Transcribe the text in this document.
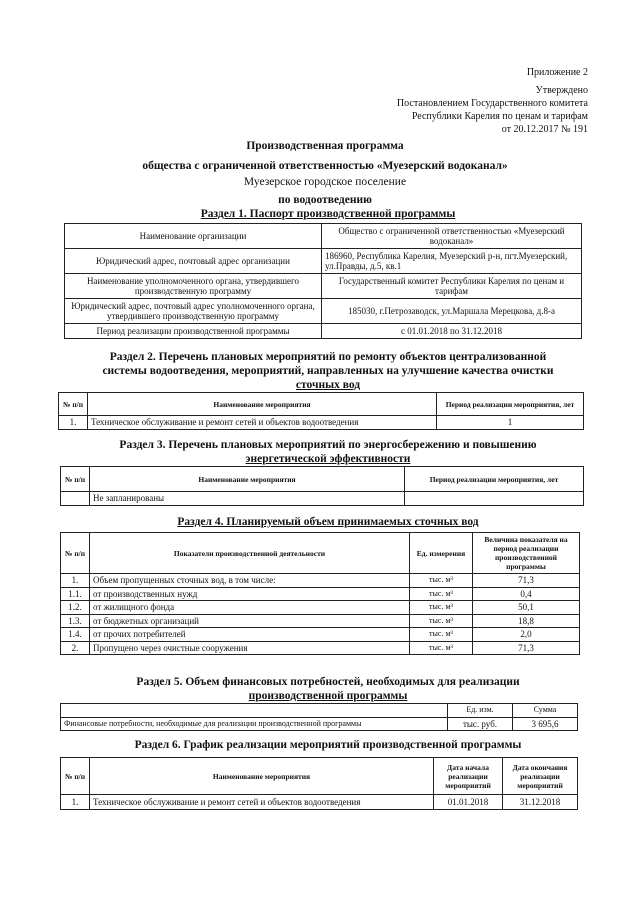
Приложение 2
Утверждено
Постановлением Государственного комитета
Республики Карелия по ценам и тарифам
от 20.12.2017 № 191
Производственная программа
общества с ограниченной ответственностью «Муезерский водоканал»
Муезерское городское поселение
по водоотведению
Раздел 1. Паспорт производственной программы
Наименование организации	Общество с ограниченной ответственностью «Муезерский водоканал»
Юридический адрес, почтовый адрес организации	186960, Республика Карелия, Муезерский р-н, пгт.Муезерский, ул.Правды, д.5, кв.1
Наименование уполномоченного органа, утвердившего производственную программу	Государственный комитет Республики Карелия по ценам и тарифам
Юридический адрес, почтовый адрес уполномоченного органа, утвердившего производственную программу	185030, г.Петрозаводск, ул.Маршала Мерецкова, д.8-а
Период реализации производственной программы	с 01.01.2018 по 31.12.2018
Раздел 2. Перечень плановых мероприятий по ремонту объектов централизованной
системы водоотведения, мероприятий, направленных на улучшение качества очистки
сточных вод
№ п/п	Наименование мероприятия	Период реализации мероприятия, лет
1.	Техническое обслуживание и ремонт сетей и объектов водоотведения	1
Раздел 3. Перечень плановых мероприятий по энергосбережению и повышению
энергетической эффективности
№ п/п	Наименование мероприятия	Период реализации мероприятия, лет
	Не запланированы	
Раздел 4. Планируемый объем принимаемых сточных вод
№ п/п	Показатели производственной деятельности	Ед. измерения	Величина показателя на период реализации производственной программы
1.	Объем пропущенных сточных вод, в том числе:	тыс. м³	71,3
1.1.	от производственных нужд	тыс. м³	0,4
1.2.	от жилищного фонда	тыс. м³	50,1
1.3.	от бюджетных организаций	тыс. м³	18,8
1.4.	от прочих потребителей	тыс. м³	2,0
2.	Пропущено через очистные сооружения	тыс. м³	71,3
Раздел 5. Объем финансовых потребностей, необходимых для реализации
производственной программы
	Ед. изм.	Сумма
Финансовые потребности, необходимые для реализации производственной программы	тыс. руб.	3 695,6
Раздел 6. График реализации мероприятий производственной программы
№ п/п	Наименование мероприятия	Дата начала реализации мероприятий	Дата окончания реализации мероприятий
1.	Техническое обслуживание и ремонт сетей и объектов водоотведения	01.01.2018	31.12.2018
